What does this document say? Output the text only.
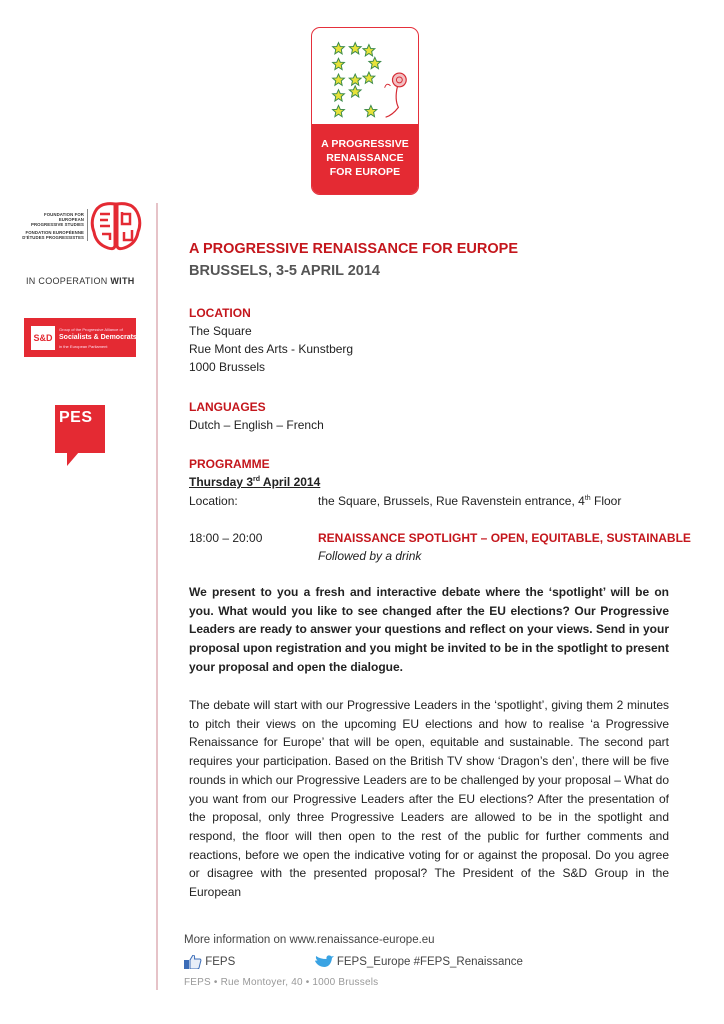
A PROGRESSIVE
RENAISSANCE
FOR EUROPE
FOUNDATION FOR EUROPEAN
PROGRESSIVE STUDIES
FONDATION EUROPÉENNE
D'ÉTUDES PROGRESSISTES
IN COOPERATION WITH
S&D
Group of the Progressive Alliance of
Socialists & Democrats
in the European Parliament
PES
A PROGRESSIVE RENAISSANCE FOR EUROPE
BRUSSELS, 3-5 APRIL 2014
LOCATION
The Square
Rue Mont des Arts - Kunstberg
1000 Brussels
LANGUAGES
Dutch – English – French
PROGRAMME
Thursday 3rd April 2014
Location:	the Square, Brussels, Rue Ravenstein entrance, 4th Floor
18:00 – 20:00	RENAISSANCE SPOTLIGHT – OPEN, EQUITABLE, SUSTAINABLE
Followed by a drink
We present to you a fresh and interactive debate where the ‘spotlight’ will be on you. What would you like to see changed after the EU elections? Our Progressive Leaders are ready to answer your questions and reflect on your views. Send in your proposal upon registration and you might be invited to be in the spotlight to present your proposal and open the dialogue.
The debate will start with our Progressive Leaders in the ‘spotlight’, giving them 2 minutes to pitch their views on the upcoming EU elections and how to realise ‘a Progressive Renaissance for Europe’ that will be open, equitable and sustainable. The second part requires your participation. Based on the British TV show ‘Dragon’s den’, there will be five rounds in which our Progressive Leaders are to be challenged by your proposal – What do you want from our Progressive Leaders after the EU elections? After the presentation of the proposal, only three Progressive Leaders are allowed to be in the spotlight and respond, the floor will then open to the rest of the public for further comments and reactions, before we open the indicative voting for or against the proposal. Do you agree or disagree with the presented proposal? The President of the S&D Group in the European
More information on www.renaissance-europe.eu
FEPS	FEPS_Europe #FEPS_Renaissance
FEPS • Rue Montoyer, 40 • 1000 Brussels
